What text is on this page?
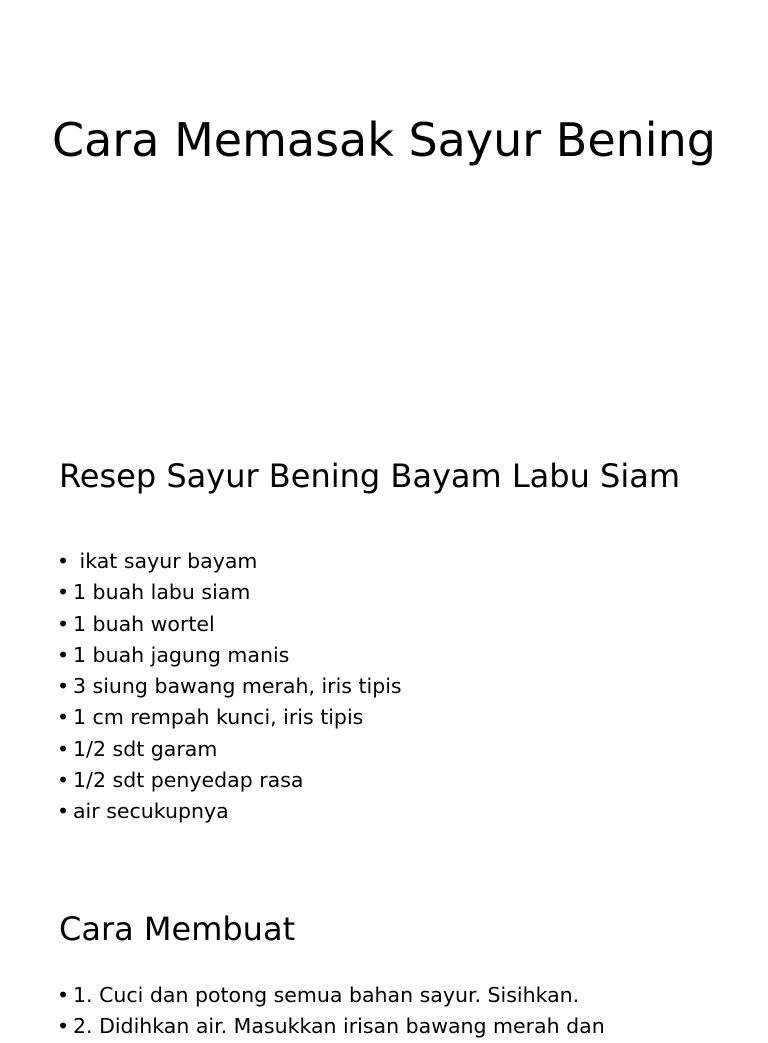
Cara Memasak Sayur Bening
Resep Sayur Bening Bayam Labu Siam
• ikat sayur bayam
• 1 buah labu siam
• 1 buah wortel
• 1 buah jagung manis
• 3 siung bawang merah, iris tipis
• 1 cm rempah kunci, iris tipis
• 1/2 sdt garam
• 1/2 sdt penyedap rasa
• air secukupnya
Cara Membuat
• 1. Cuci dan potong semua bahan sayur. Sisihkan.
• 2. Didihkan air. Masukkan irisan bawang merah dan
